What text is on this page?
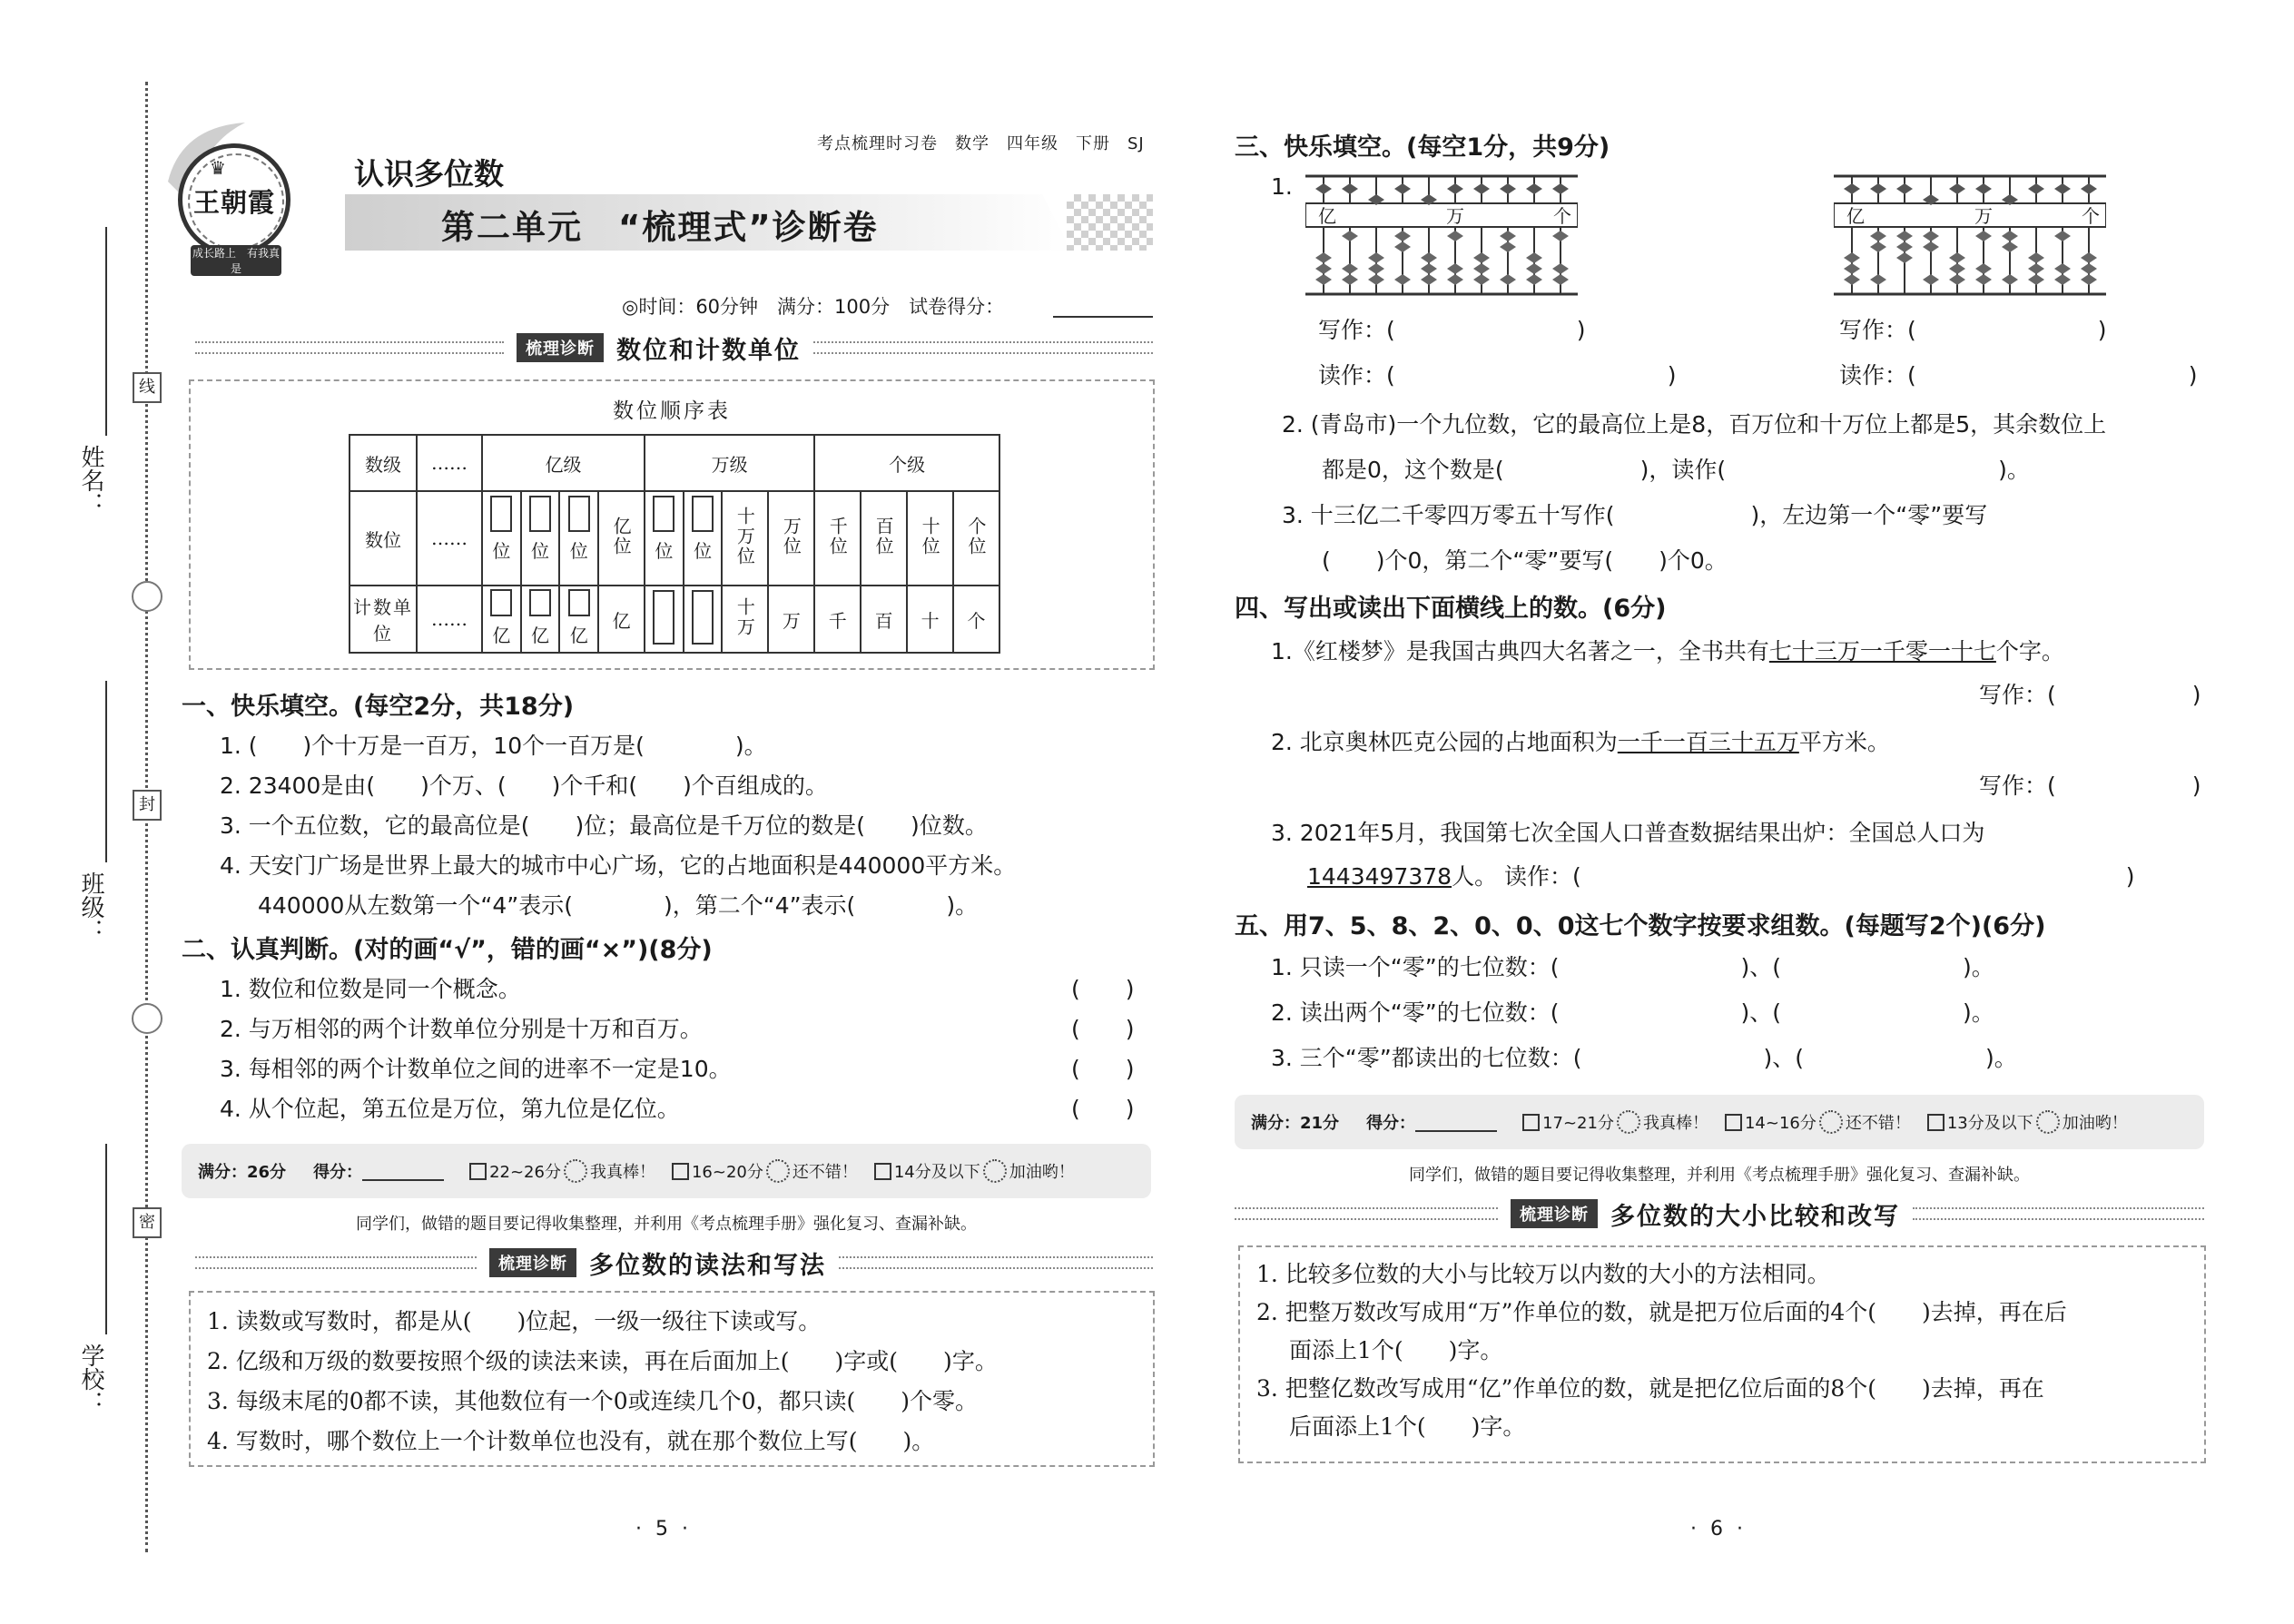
姓名：
班级：
学校：
线
封
密
王朝霞
♛
成长路上　有我真是
考点梳理时习卷　数学　四年级　下册　SJ
认识多位数
第二单元　“梳理式”诊断卷
◎时间：60分钟　满分：100分　试卷得分：
梳理诊断 数位和计数单位
数位顺序表
数级	……	亿级				万级				个级			
数位	……	位	位	位	亿位	位	位	十万位	万位	千位	百位	十位	个位
计数单位	……	亿	亿	亿	亿			十万	万	千	百	十	个
一、快乐填空。(每空2分，共18分)
1. (　　)个十万是一百万，10个一百万是(　　　　)。
2. 23400是由(　　)个万、(　　)个千和(　　)个百组成的。
3. 一个五位数，它的最高位是(　　)位；最高位是千万位的数是(　　)位数。
4. 天安门广场是世界上最大的城市中心广场，它的占地面积是440000平方米。
440000从左数第一个“4”表示(　　　　)，第二个“4”表示(　　　　)。
二、认真判断。(对的画“√”，错的画“×”)(8分)
1. 数位和位数是同一个概念。	(　　)
2. 与万相邻的两个计数单位分别是十万和百万。	(　　)
3. 每相邻的两个计数单位之间的进率不一定是10。	(　　)
4. 从个位起，第五位是万位，第九位是亿位。	(　　)
满分：26分 得分：	22~26分 我真棒！ 16~20分 还不错！ 14分及以下 加油哟！
同学们，做错的题目要记得收集整理，并利用《考点梳理手册》强化复习、查漏补缺。
梳理诊断 多位数的读法和写法
1. 读数或写数时，都是从(　　)位起，一级一级往下读或写。
2. 亿级和万级的数要按照个级的读法来读，再在后面加上(　　)字或(　　)字。
3. 每级末尾的0都不读，其他数位有一个0或连续几个0，都只读(　　)个零。
4. 写数时，哪个数位上一个计数单位也没有，就在那个数位上写(　　)。
· 5 ·
三、快乐填空。(每空1分，共9分)
1.
亿	万	个	亿	万	个
写作：(　　　　　　　　)
读作：(　　　　　　　　　　　　)
写作：(　　　　　　　　)
读作：(　　　　　　　　　　　　)
2. (青岛市)一个九位数，它的最高位上是8，百万位和十万位上都是5，其余数位上
都是0，这个数是(　　　　　　)，读作(　　　　　　　　　　　　)。
3. 十三亿二千零四万零五十写作(　　　　　　)，左边第一个“零”要写
(　　)个0，第二个“零”要写(　　)个0。
四、写出或读出下面横线上的数。(6分)
1.《红楼梦》是我国古典四大名著之一，全书共有七十三万一千零一十七个字。
写作：(　　　　　　)
2. 北京奥林匹克公园的占地面积为一千一百三十五万平方米。
写作：(　　　　　　)
3. 2021年5月，我国第七次全国人口普查数据结果出炉：全国总人口为
1443497378人。 读作：(　　　　　　　　　　　　　　　　　　　　　　　　)
五、用7、5、8、2、0、0、0这七个数字按要求组数。(每题写2个)(6分)
1. 只读一个“零”的七位数：(　　　　　　　　)、(　　　　　　　　)。
2. 读出两个“零”的七位数：(　　　　　　　　)、(　　　　　　　　)。
3. 三个“零”都读出的七位数：(　　　　　　　　)、(　　　　　　　　)。
满分：21分 得分：	17~21分 我真棒！ 14~16分 还不错！ 13分及以下 加油哟！
同学们，做错的题目要记得收集整理，并利用《考点梳理手册》强化复习、查漏补缺。
梳理诊断 多位数的大小比较和改写
1. 比较多位数的大小与比较万以内数的大小的方法相同。
2. 把整万数改写成用“万”作单位的数，就是把万位后面的4个(　　)去掉，再在后
面添上1个(　　)字。
3. 把整亿数改写成用“亿”作单位的数，就是把亿位后面的8个(　　)去掉，再在
后面添上1个(　　)字。
· 6 ·
